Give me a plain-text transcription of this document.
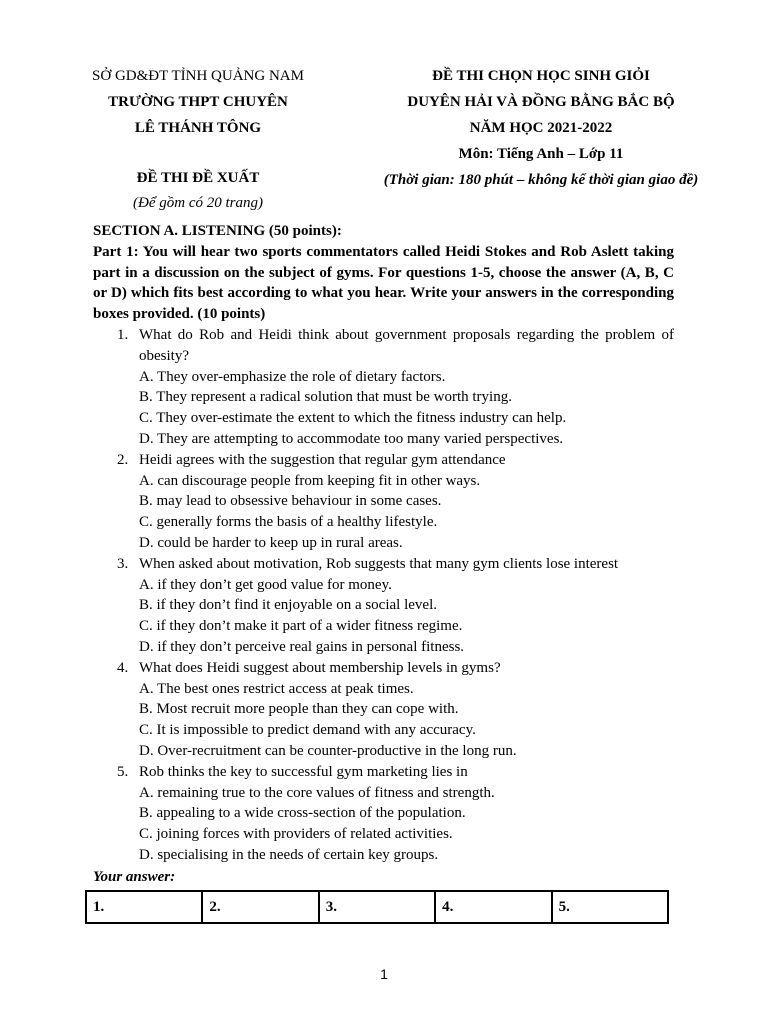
SỞ GD&ĐT TỈNH QUẢNG NAM
TRƯỜNG THPT CHUYÊN
LÊ THÁNH TÔNG
ĐỀ THI ĐỀ XUẤT
(Để gồm có 20 trang)
ĐỀ THI CHỌN HỌC SINH GIỎI
DUYÊN HẢI VÀ ĐỒNG BẰNG BẮC BỘ
NĂM HỌC 2021-2022
Môn: Tiếng Anh – Lớp 11
(Thời gian: 180 phút – không kể thời gian giao đề)
SECTION A. LISTENING (50 points):
Part 1: You will hear two sports commentators called Heidi Stokes and Rob Aslett taking part in a discussion on the subject of gyms. For questions 1-5, choose the answer (A, B, C or D) which fits best according to what you hear. Write your answers in the corresponding boxes provided. (10 points)
1. What do Rob and Heidi think about government proposals regarding the problem of obesity?
A. They over-emphasize the role of dietary factors.
B. They represent a radical solution that must be worth trying.
C. They over-estimate the extent to which the fitness industry can help.
D. They are attempting to accommodate too many varied perspectives.
2. Heidi agrees with the suggestion that regular gym attendance
A. can discourage people from keeping fit in other ways.
B. may lead to obsessive behaviour in some cases.
C. generally forms the basis of a healthy lifestyle.
D. could be harder to keep up in rural areas.
3. When asked about motivation, Rob suggests that many gym clients lose interest
A. if they don’t get good value for money.
B. if they don’t find it enjoyable on a social level.
C. if they don’t make it part of a wider fitness regime.
D. if they don’t perceive real gains in personal fitness.
4. What does Heidi suggest about membership levels in gyms?
A. The best ones restrict access at peak times.
B. Most recruit more people than they can cope with.
C. It is impossible to predict demand with any accuracy.
D. Over-recruitment can be counter-productive in the long run.
5. Rob thinks the key to successful gym marketing lies in
A. remaining true to the core values of fitness and strength.
B. appealing to a wide cross-section of the population.
C. joining forces with providers of related activities.
D. specialising in the needs of certain key groups.
Your answer:
1.	2.	3.	4.	5.
1
